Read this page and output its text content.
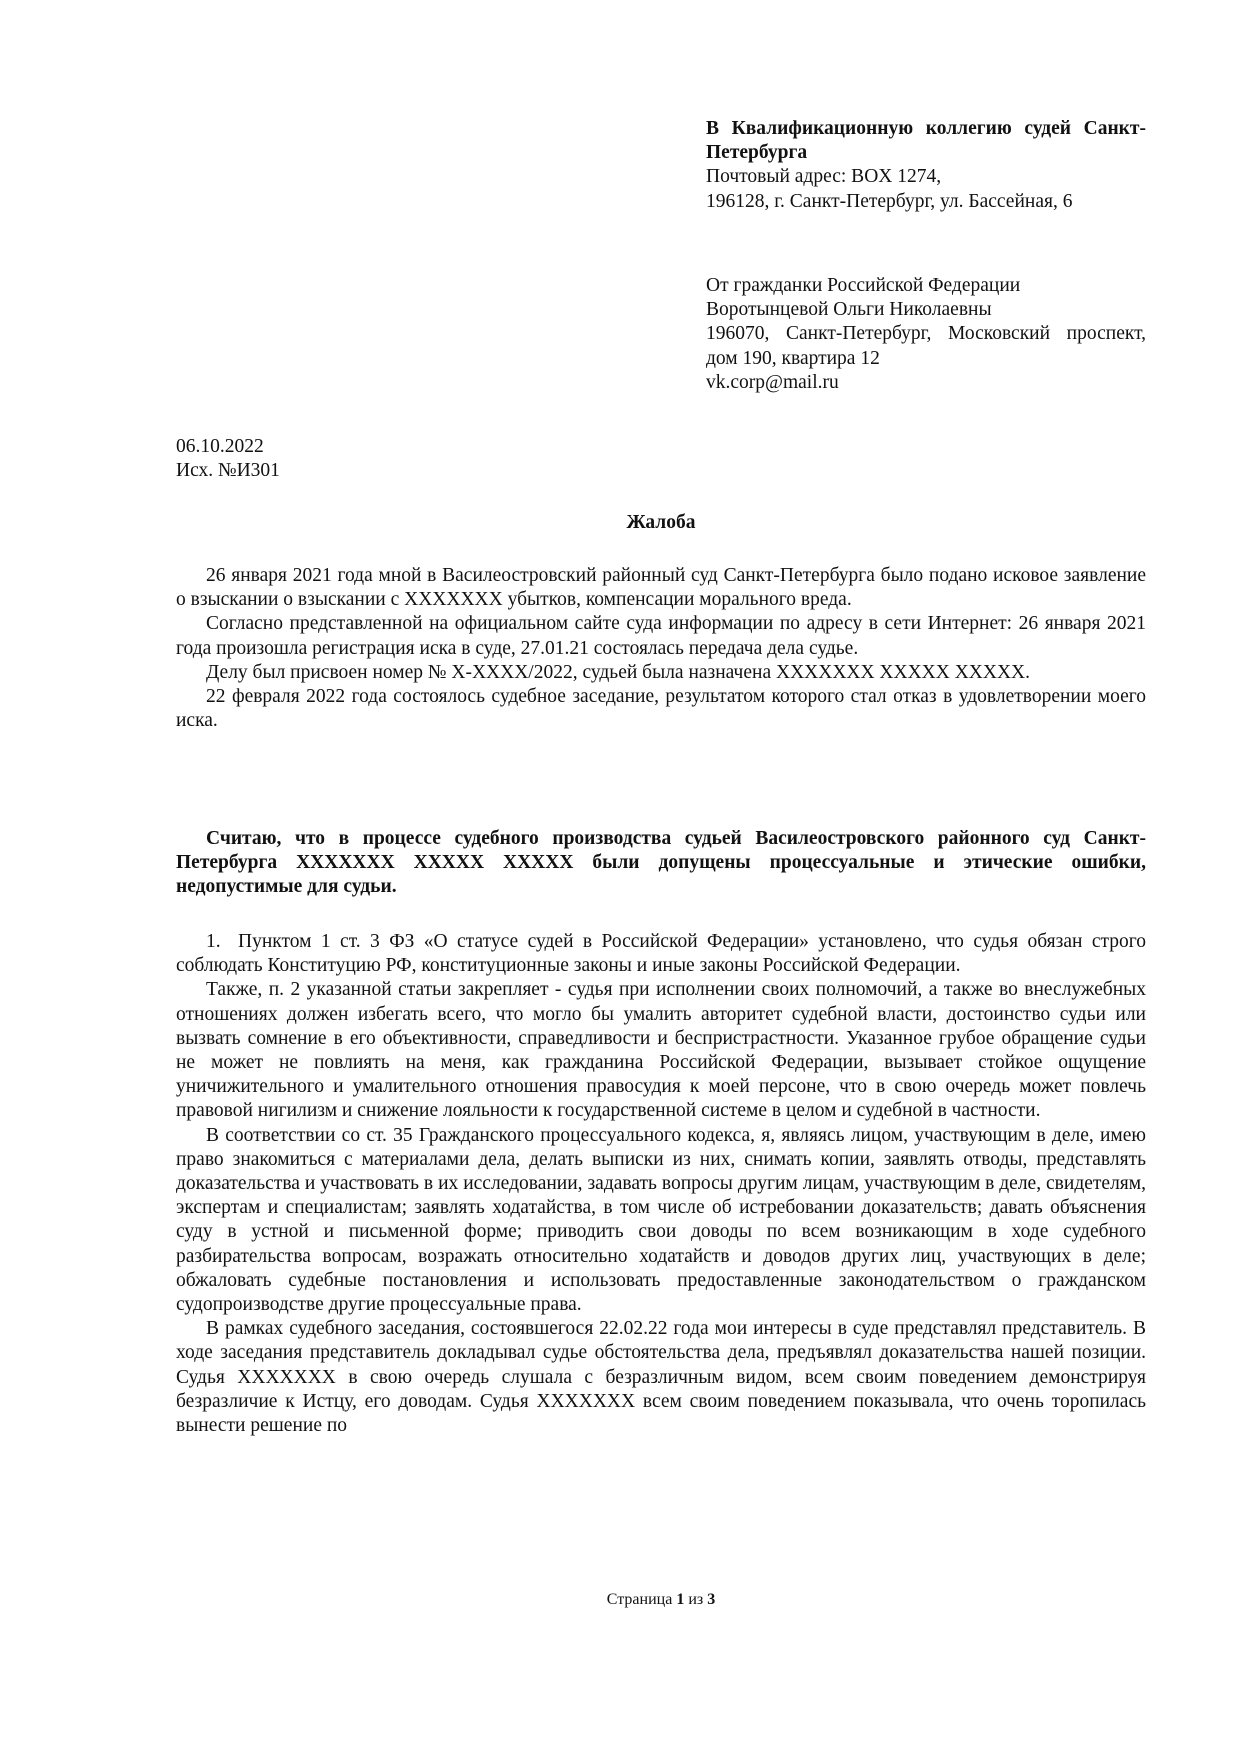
В Квалификационную коллегию судей Санкт-Петербурга
Почтовый адрес: BOX 1274,
196128, г. Санкт-Петербург, ул. Бассейная, 6
От гражданки Российской Федерации
Воротынцевой Ольги Николаевны
196070, Санкт-Петербург, Московский проспект, дом 190, квартира 12
vk.corp@mail.ru
06.10.2022
Исх. №И301
Жалоба

26 января 2021 года мной в Василеостровский районный суд Санкт-Петербурга было подано исковое заявление о взыскании о взыскании с XXXXXXX убытков, компенсации морального вреда.

Согласно представленной на официальном сайте суда информации по адресу в сети Интернет: 26 января 2021 года произошла регистрация иска в суде, 27.01.21 состоялась передача дела судье.

Делу был присвоен номер № X-XXXX/2022, судьей была назначена XXXXXXX XXXXX XXXXX.

22 февраля 2022 года состоялось судебное заседание, результатом которого стал отказ в удовлетворении моего иска.

Считаю, что в процессе судебного производства судьей Василеостровского районного суд Санкт-Петербурга XXXXXXX XXXXX XXXXX были допущены процессуальные и этические ошибки, недопустимые для судьи.

1. Пунктом 1 ст. 3 ФЗ «О статусе судей в Российской Федерации» установлено, что судья обязан строго соблюдать Конституцию РФ, конституционные законы и иные законы Российской Федерации.

Также, п. 2 указанной статьи закрепляет - судья при исполнении своих полномочий, а также во внеслужебных отношениях должен избегать всего, что могло бы умалить авторитет судебной власти, достоинство судьи или вызвать сомнение в его объективности, справедливости и беспристрастности. Указанное грубое обращение судьи не может не повлиять на меня, как гражданина Российской Федерации, вызывает стойкое ощущение уничижительного и умалительного отношения правосудия к моей персоне, что в свою очередь может повлечь правовой нигилизм и снижение лояльности к государственной системе в целом и судебной в частности.

В соответствии со ст. 35 Гражданского процессуального кодекса, я, являясь лицом, участвующим в деле, имею право знакомиться с материалами дела, делать выписки из них, снимать копии, заявлять отводы, представлять доказательства и участвовать в их исследовании, задавать вопросы другим лицам, участвующим в деле, свидетелям, экспертам и специалистам; заявлять ходатайства, в том числе об истребовании доказательств; давать объяснения суду в устной и письменной форме; приводить свои доводы по всем возникающим в ходе судебного разбирательства вопросам, возражать относительно ходатайств и доводов других лиц, участвующих в деле; обжаловать судебные постановления и использовать предоставленные законодательством о гражданском судопроизводстве другие процессуальные права.

В рамках судебного заседания, состоявшегося 22.02.22 года мои интересы в суде представлял представитель. В ходе заседания представитель докладывал судье обстоятельства дела, предъявлял доказательства нашей позиции. Судья XXXXXXX в свою очередь слушала с безразличным видом, всем своим поведением демонстрируя безразличие к Истцу, его доводам. Судья XXXXXXX всем своим поведением показывала, что очень торопилась вынести решение по

Страница 1 из 3
